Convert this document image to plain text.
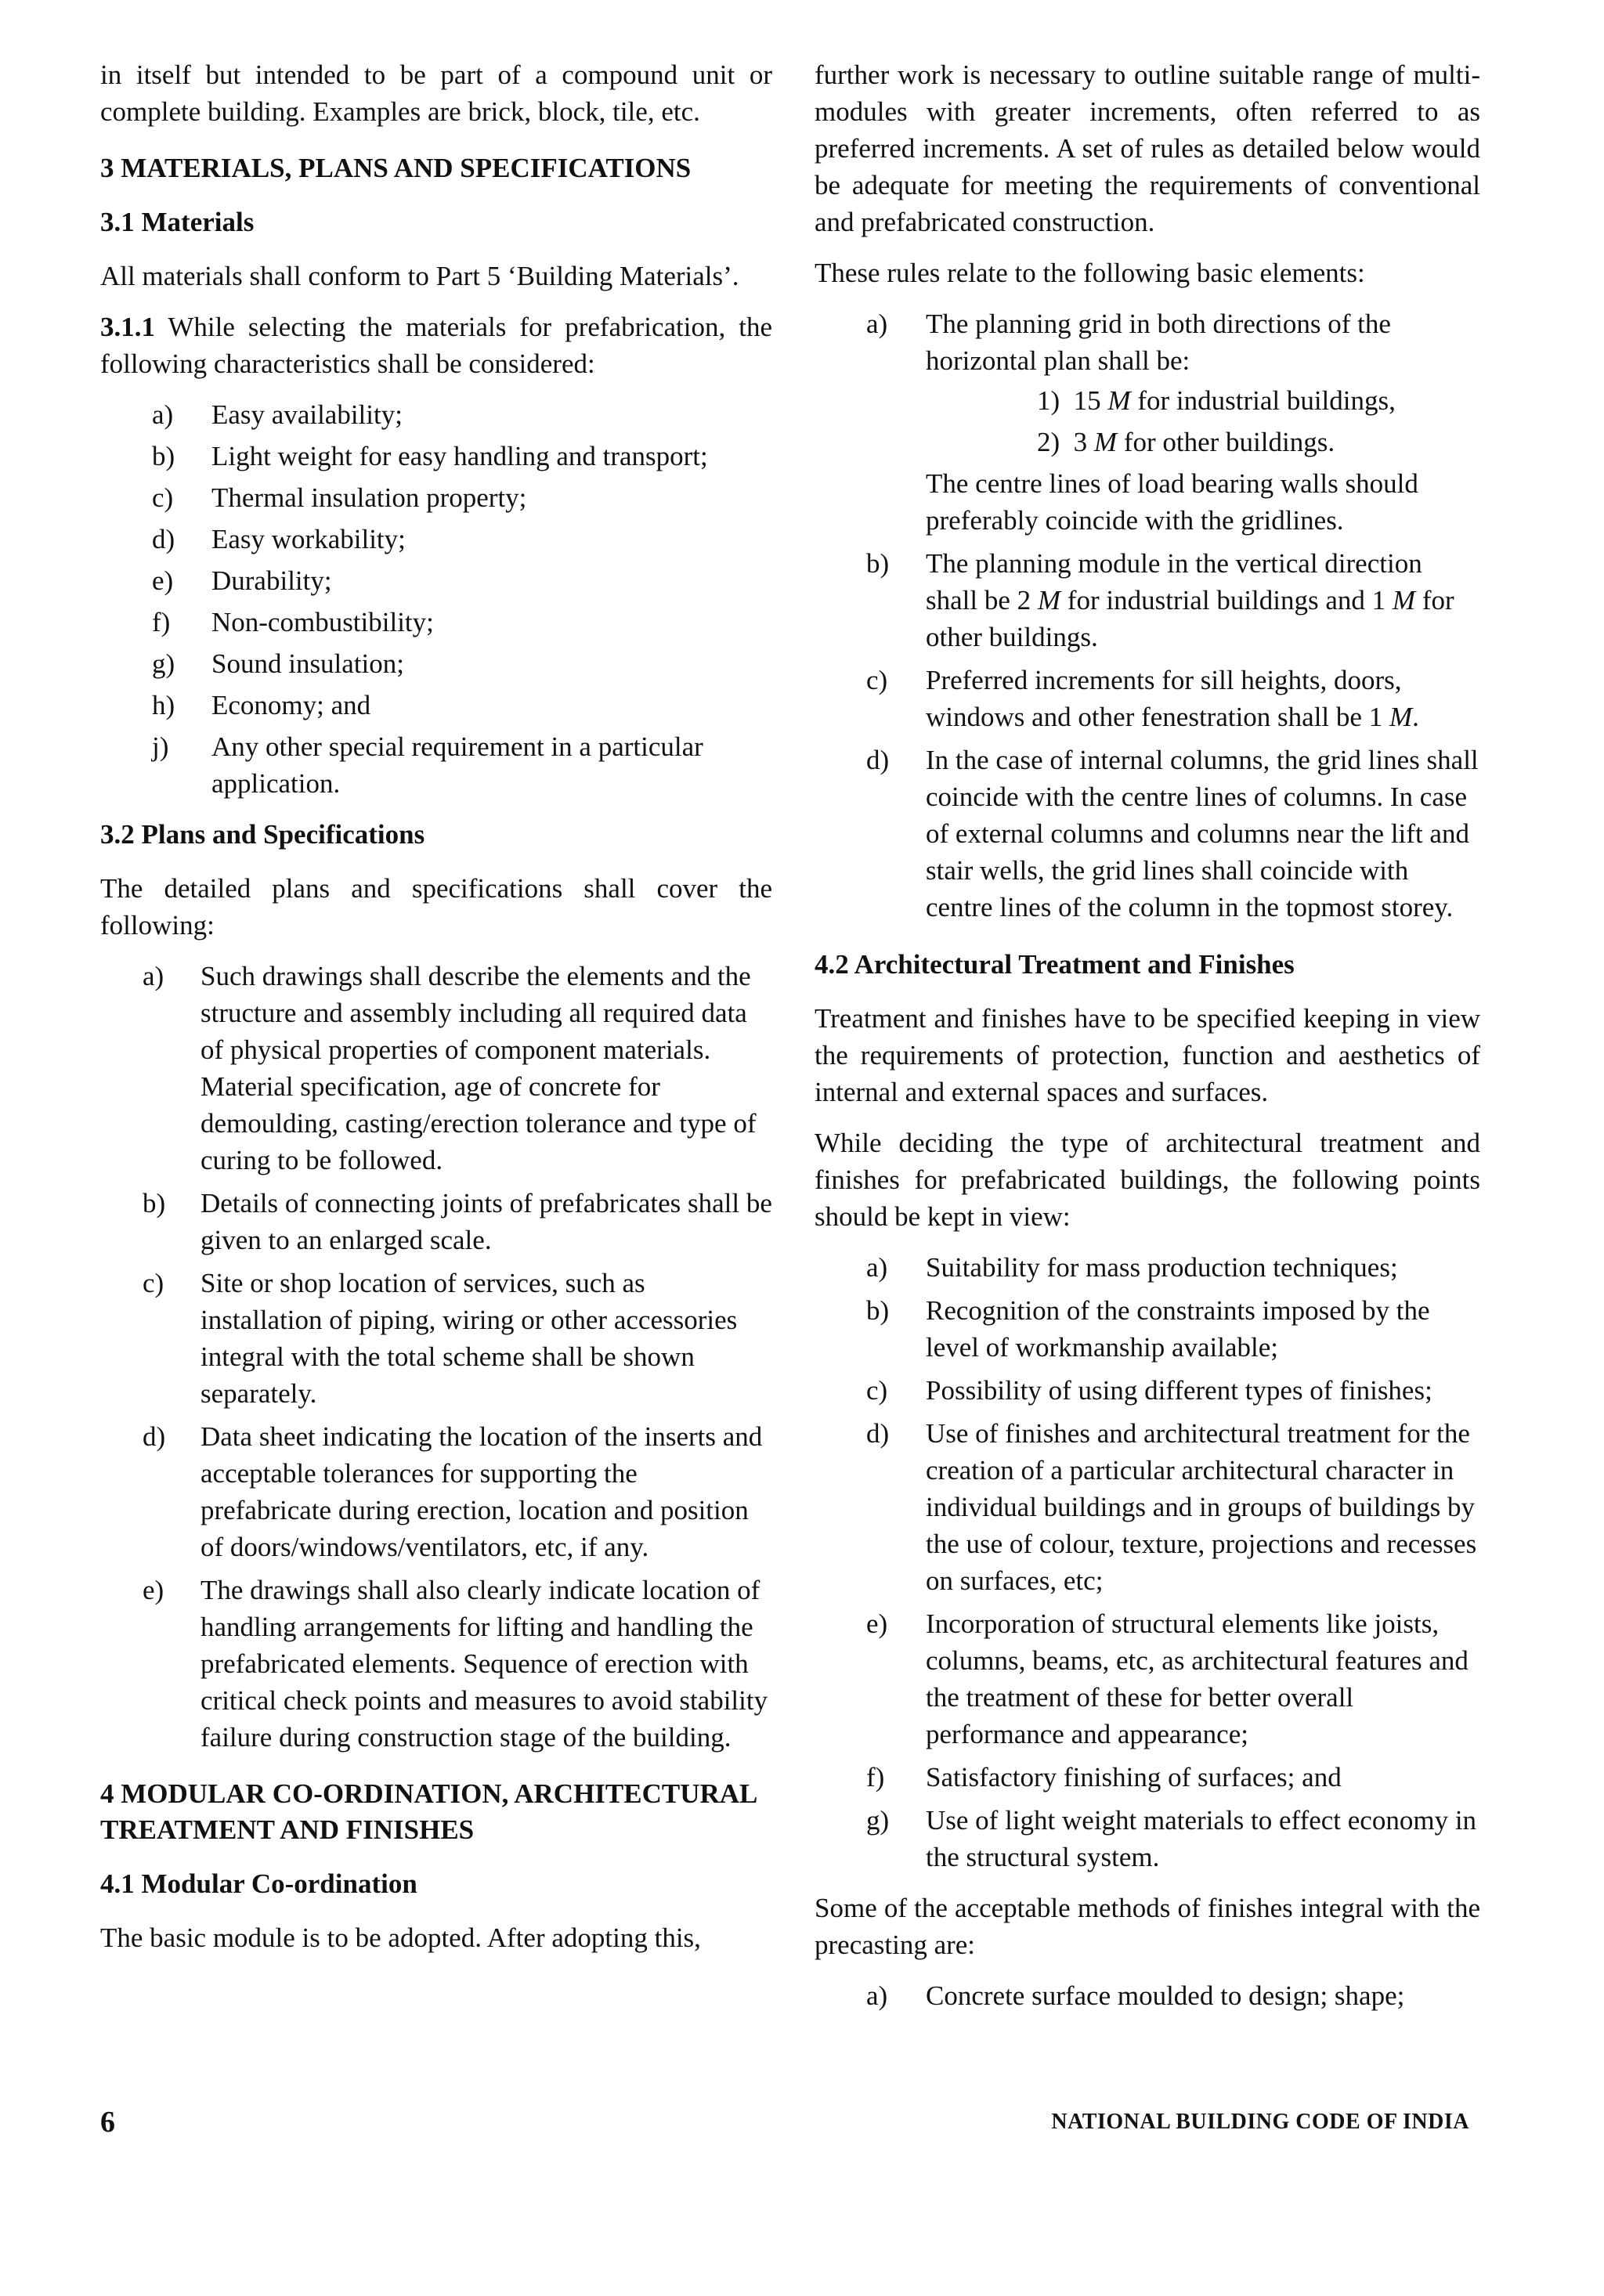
in itself but intended to be part of a compound unit or complete building. Examples are brick, block, tile, etc.

3 MATERIALS, PLANS AND SPECIFICATIONS

3.1 Materials

All materials shall conform to Part 5 ‘Building Materials’.

3.1.1 While selecting the materials for prefabrication, the following characteristics shall be considered:

a) Easy availability;
b) Light weight for easy handling and transport;
c) Thermal insulation property;
d) Easy workability;
e) Durability;
f) Non-combustibility;
g) Sound insulation;
h) Economy; and
j) Any other special requirement in a particular application.

3.2 Plans and Specifications

The detailed plans and specifications shall cover the following:

a) Such drawings shall describe the elements and the structure and assembly including all required data of physical properties of component materials. Material specification, age of concrete for demoulding, casting/erection tolerance and type of curing to be followed.
b) Details of connecting joints of prefabricates shall be given to an enlarged scale.
c) Site or shop location of services, such as installation of piping, wiring or other accessories integral with the total scheme shall be shown separately.
d) Data sheet indicating the location of the inserts and acceptable tolerances for supporting the prefabricate during erection, location and position of doors/windows/ventilators, etc, if any.
e) The drawings shall also clearly indicate location of handling arrangements for lifting and handling the prefabricated elements. Sequence of erection with critical check points and measures to avoid stability failure during construction stage of the building.

4 MODULAR CO-ORDINATION, ARCHITECTURAL TREATMENT AND FINISHES

4.1 Modular Co-ordination

The basic module is to be adopted. After adopting this,

further work is necessary to outline suitable range of multi-modules with greater increments, often referred to as preferred increments. A set of rules as detailed below would be adequate for meeting the requirements of conventional and prefabricated construction.

These rules relate to the following basic elements:

a) The planning grid in both directions of the horizontal plan shall be:
1) 15 M for industrial buildings,
2) 3 M for other buildings.
The centre lines of load bearing walls should preferably coincide with the gridlines.
b) The planning module in the vertical direction shall be 2 M for industrial buildings and 1 M for other buildings.
c) Preferred increments for sill heights, doors, windows and other fenestration shall be 1 M.
d) In the case of internal columns, the grid lines shall coincide with the centre lines of columns. In case of external columns and columns near the lift and stair wells, the grid lines shall coincide with centre lines of the column in the topmost storey.

4.2 Architectural Treatment and Finishes

Treatment and finishes have to be specified keeping in view the requirements of protection, function and aesthetics of internal and external spaces and surfaces.

While deciding the type of architectural treatment and finishes for prefabricated buildings, the following points should be kept in view:

a) Suitability for mass production techniques;
b) Recognition of the constraints imposed by the level of workmanship available;
c) Possibility of using different types of finishes;
d) Use of finishes and architectural treatment for the creation of a particular architectural character in individual buildings and in groups of buildings by the use of colour, texture, projections and recesses on surfaces, etc;
e) Incorporation of structural elements like joists, columns, beams, etc, as architectural features and the treatment of these for better overall performance and appearance;
f) Satisfactory finishing of surfaces; and
g) Use of light weight materials to effect economy in the structural system.

Some of the acceptable methods of finishes integral with the precasting are:

a) Concrete surface moulded to design; shape;
6	NATIONAL BUILDING CODE OF INDIA
